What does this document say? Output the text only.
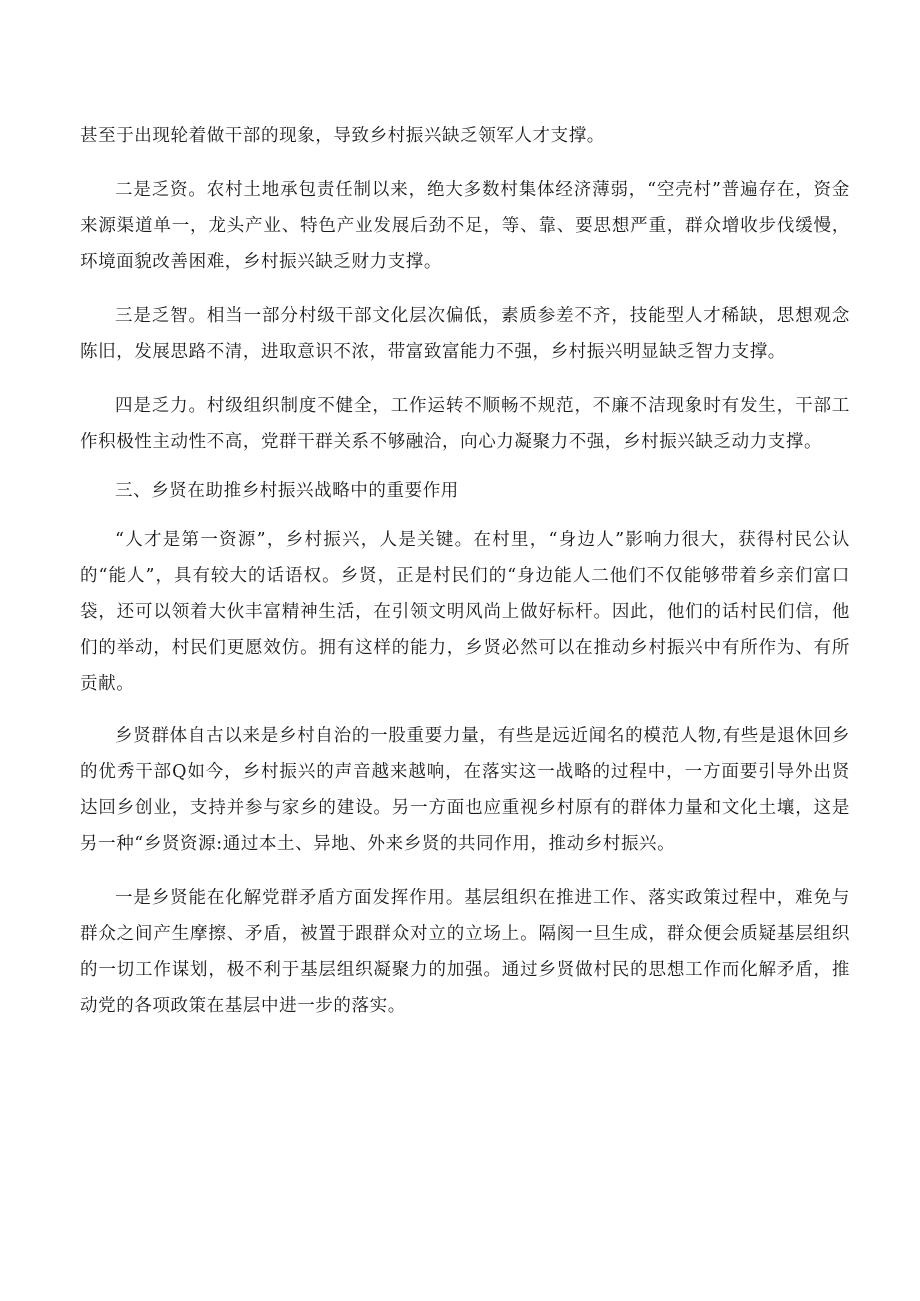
甚至于出现轮着做干部的现象，导致乡村振兴缺乏领军人才支撑。

二是乏资。农村土地承包责任制以来，绝大多数村集体经济薄弱，“空壳村”普遍存在，资金来源渠道单一，龙头产业、特色产业发展后劲不足，等、靠、要思想严重，群众增收步伐缓慢，环境面貌改善困难，乡村振兴缺乏财力支撑。

三是乏智。相当一部分村级干部文化层次偏低，素质参差不齐，技能型人才稀缺，思想观念陈旧，发展思路不清，进取意识不浓，带富致富能力不强，乡村振兴明显缺乏智力支撑。

四是乏力。村级组织制度不健全，工作运转不顺畅不规范，不廉不洁现象时有发生，干部工作积极性主动性不高，党群干群关系不够融洽，向心力凝聚力不强，乡村振兴缺乏动力支撑。

三、乡贤在助推乡村振兴战略中的重要作用

“人才是第一资源”，乡村振兴，人是关键。在村里，“身边人”影响力很大，获得村民公认的“能人”，具有较大的话语权。乡贤，正是村民们的“身边能人二他们不仅能够带着乡亲们富口袋，还可以领着大伙丰富精神生活，在引领文明风尚上做好标杆。因此，他们的话村民们信，他们的举动，村民们更愿效仿。拥有这样的能力，乡贤必然可以在推动乡村振兴中有所作为、有所贡献。

乡贤群体自古以来是乡村自治的一股重要力量，有些是远近闻名的模范人物,有些是退休回乡的优秀干部Q如今，乡村振兴的声音越来越响，在落实这一战略的过程中，一方面要引导外出贤达回乡创业，支持并参与家乡的建设。另一方面也应重视乡村原有的群体力量和文化土壤，这是另一种“乡贤资源:通过本土、异地、外来乡贤的共同作用，推动乡村振兴。

一是乡贤能在化解党群矛盾方面发挥作用。基层组织在推进工作、落实政策过程中，难免与群众之间产生摩擦、矛盾，被置于跟群众对立的立场上。隔阂一旦生成，群众便会质疑基层组织的一切工作谋划，极不利于基层组织凝聚力的加强。通过乡贤做村民的思想工作而化解矛盾，推动党的各项政策在基层中进一步的落实。
